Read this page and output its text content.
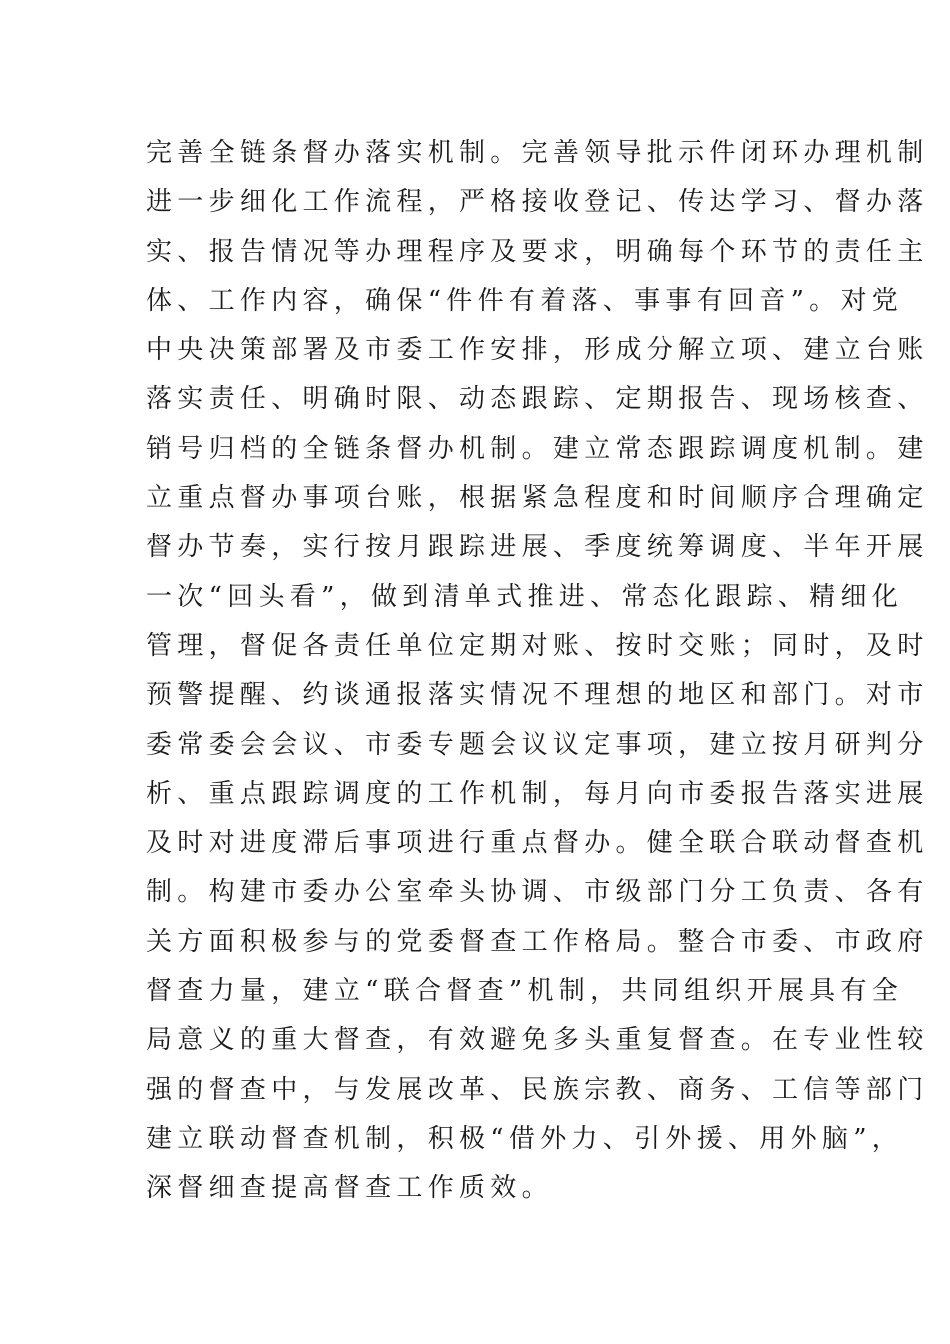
完善全链条督办落实机制。完善领导批示件闭环办理机制
进一步细化工作流程，严格接收登记、传达学习、督办落
实、报告情况等办理程序及要求，明确每个环节的责任主
体、工作内容，确保“件件有着落、事事有回音”。对党
中央决策部署及市委工作安排，形成分解立项、建立台账
落实责任、明确时限、动态跟踪、定期报告、现场核查、
销号归档的全链条督办机制。建立常态跟踪调度机制。建
立重点督办事项台账，根据紧急程度和时间顺序合理确定
督办节奏，实行按月跟踪进展、季度统筹调度、半年开展
一次“回头看”，做到清单式推进、常态化跟踪、精细化
管理，督促各责任单位定期对账、按时交账；同时，及时
预警提醒、约谈通报落实情况不理想的地区和部门。对市
委常委会会议、市委专题会议议定事项，建立按月研判分
析、重点跟踪调度的工作机制，每月向市委报告落实进展
及时对进度滞后事项进行重点督办。健全联合联动督查机
制。构建市委办公室牵头协调、市级部门分工负责、各有
关方面积极参与的党委督查工作格局。整合市委、市政府
督查力量，建立“联合督查”机制，共同组织开展具有全
局意义的重大督查，有效避免多头重复督查。在专业性较
强的督查中，与发展改革、民族宗教、商务、工信等部门
建立联动督查机制，积极“借外力、引外援、用外脑”，
深督细查提高督查工作质效。
